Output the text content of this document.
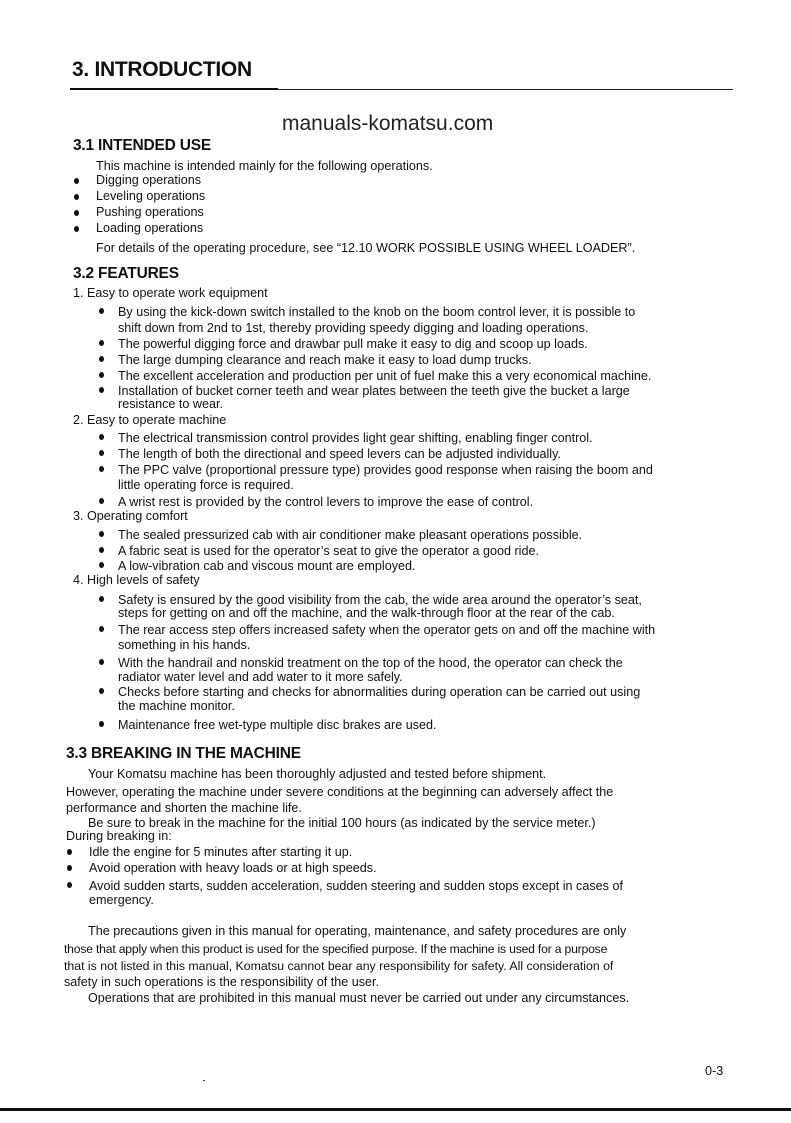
3. INTRODUCTION
manuals-komatsu.com
3.1 INTENDED USE
This machine is intended mainly for the following operations.
Digging operations
Leveling operations
Pushing operations
Loading operations
For details of the operating procedure, see “12.10 WORK POSSIBLE USING WHEEL LOADER”.
3.2 FEATURES
1. Easy to operate work equipment
By using the kick-down switch installed to the knob on the boom control lever, it is possible to
shift down from 2nd to 1st, thereby providing speedy digging and loading operations.
The powerful digging force and drawbar pull make it easy to dig and scoop up loads.
The large dumping clearance and reach make it easy to load dump trucks.
The excellent acceleration and production per unit of fuel make this a very economical machine.
Installation of bucket corner teeth and wear plates between the teeth give the bucket a large
resistance to wear.
2. Easy to operate machine
The electrical transmission control provides light gear shifting, enabling finger control.
The length of both the directional and speed levers can be adjusted individually.
The PPC valve (proportional pressure type) provides good response when raising the boom and
little operating force is required.
A wrist rest is provided by the control levers to improve the ease of control.
3. Operating comfort
The sealed pressurized cab with air conditioner make pleasant operations possible.
A fabric seat is used for the operator’s seat to give the operator a good ride.
A low-vibration cab and viscous mount are employed.
4. High levels of safety
Safety is ensured by the good visibility from the cab, the wide area around the operator’s seat,
steps for getting on and off the machine, and the walk-through floor at the rear of the cab.
The rear access step offers increased safety when the operator gets on and off the machine with
something in his hands.
With the handrail and nonskid treatment on the top of the hood, the operator can check the
radiator water level and add water to it more safely.
Checks before starting and checks for abnormalities during operation can be carried out using
the machine monitor.
Maintenance free wet-type multiple disc brakes are used.
3.3 BREAKING IN THE MACHINE
Your Komatsu machine has been thoroughly adjusted and tested before shipment.
However, operating the machine under severe conditions at the beginning can adversely affect the
performance and shorten the machine life.
Be sure to break in the machine for the initial 100 hours (as indicated by the service meter.)
During breaking in:
Idle the engine for 5 minutes after starting it up.
Avoid operation with heavy loads or at high speeds.
Avoid sudden starts, sudden acceleration, sudden steering and sudden stops except in cases of
emergency.
The precautions given in this manual for operating, maintenance, and safety procedures are only
those that apply when this product is used for the specified purpose. If the machine is used for a purpose
that is not listed in this manual, Komatsu cannot bear any responsibility for safety. All consideration of
safety in such operations is the responsibility of the user.
Operations that are prohibited in this manual must never be carried out under any circumstances.
0-3
